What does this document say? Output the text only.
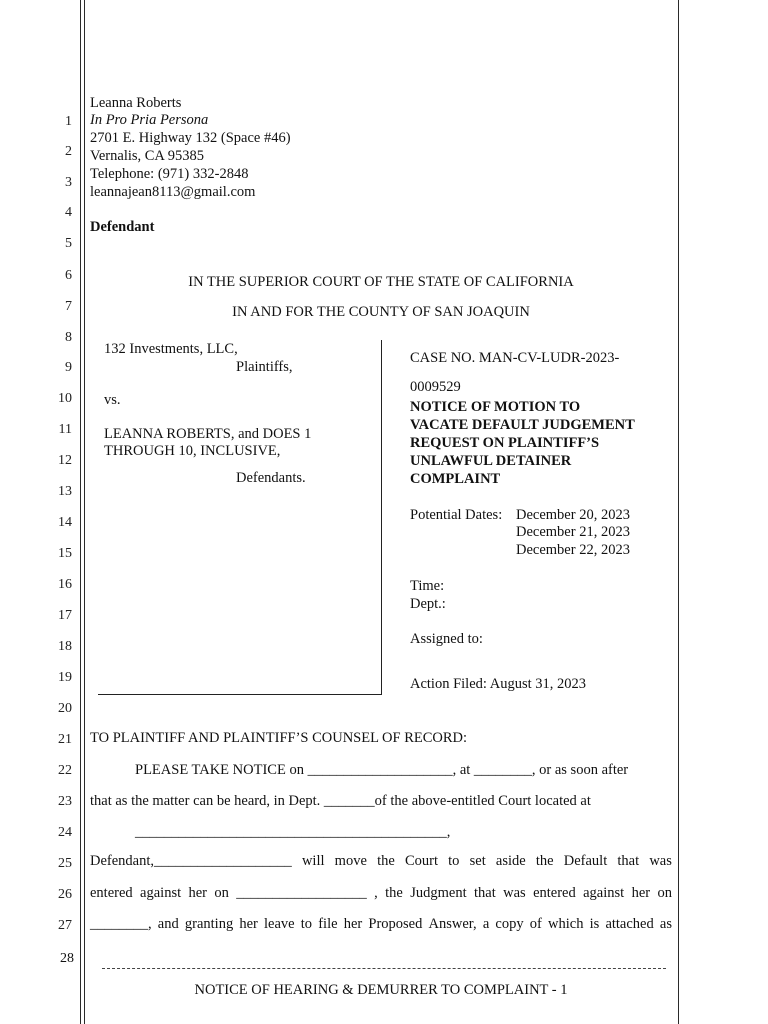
1
2
3
4
5
6
7
8
9
10
11
12
13
14
15
16
17
18
19
20
21
22
23
24
25
26
27
28
Leanna Roberts
In Pro Pria Persona
2701 E. Highway 132 (Space #46)
Vernalis, CA 95385
Telephone: (971) 332-2848
leannajean8113@gmail.com
Defendant
IN THE SUPERIOR COURT OF THE STATE OF CALIFORNIA
IN AND FOR THE COUNTY OF SAN JOAQUIN
132 Investments, LLC,
Plaintiffs,
vs.
LEANNA ROBERTS, and DOES 1
THROUGH 10, INCLUSIVE,
Defendants.
CASE NO. MAN-CV-LUDR-2023-
0009529
NOTICE OF MOTION TO
VACATE DEFAULT JUDGEMENT
REQUEST ON PLAINTIFF’S
UNLAWFUL DETAINER
COMPLAINT
Potential Dates: December 20, 2023
December 21, 2023
December 22, 2023
Time:
Dept.:
Assigned to:
Action Filed: August 31, 2023
TO PLAINTIFF AND PLAINTIFF’S COUNSEL OF RECORD:
PLEASE TAKE NOTICE on ____________________, at ________, or as soon after
that as the matter can be heard, in Dept. _______of the above-entitled Court located at
___________________________________________,
Defendant,___________________ will move the Court to set aside the Default that was
entered against her on __________________ , the Judgment that was entered against her on
________, and granting her leave to file her Proposed Answer, a copy of which is attached as
NOTICE OF HEARING & DEMURRER TO COMPLAINT - 1
